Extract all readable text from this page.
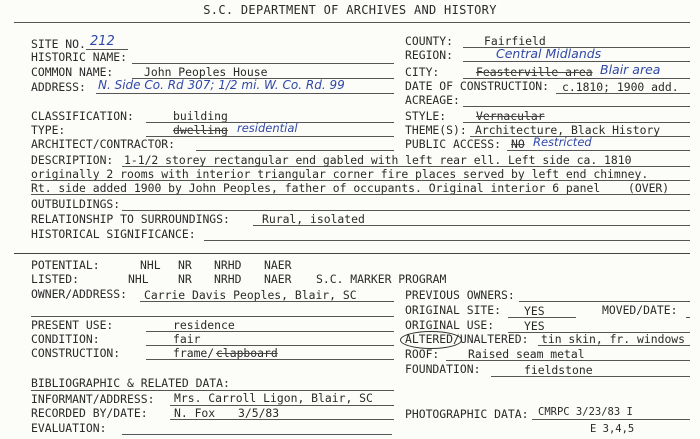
S.C. DEPARTMENT OF ARCHIVES AND HISTORY
SITE NO. 212
HISTORIC NAME:
COMMON NAME:	John Peoples House
ADDRESS: N. Side Co. Rd 307; 1/2 mi. W. Co. Rd. 99
CLASSIFICATION:	building
TYPE:	dwelling residential
ARCHITECT/CONTRACTOR:
COUNTY:	Fairfield
REGION:	Central Midlands
CITY:	Feasterville area Blair area
DATE OF CONSTRUCTION: c.1810; 1900 add.
ACREAGE:
STYLE:	Vernacular
THEME(S): Architecture, Black History
PUBLIC ACCESS: NO Restricted
DESCRIPTION: 1-1/2 storey rectangular end gabled with left rear ell. Left side ca. 1810
originally 2 rooms with interior triangular corner fire places served by left end chimney.
Rt. side added 1900 by John Peoples, father of occupants. Original interior 6 panel (OVER)
OUTBUILDINGS:
RELATIONSHIP TO SURROUNDINGS:	Rural, isolated
HISTORICAL SIGNIFICANCE:
POTENTIAL:	NHL NR NRHD NAER
LISTED:	NHL	NR NRHD NAER S.C. MARKER PROGRAM
OWNER/ADDRESS: Carrie Davis Peoples, Blair, SC	PREVIOUS OWNERS:
ORIGINAL SITE: YES	MOVED/DATE:
PRESENT USE:	residence
CONDITION:	fair
CONSTRUCTION:	frame/ clapboard
ORIGINAL USE:	YES
ALTERED/UNALTERED: tin skin, fr. windows
ROOF:	Raised seam metal
FOUNDATION:	fieldstone
BIBLIOGRAPHIC & RELATED DATA:
INFORMANT/ADDRESS: Mrs. Carroll Ligon, Blair, SC
RECORDED BY/DATE: N. Fox 3/5/83	PHOTOGRAPHIC DATA: CMRPC 3/23/83 I
E 3,4,5
EVALUATION:
